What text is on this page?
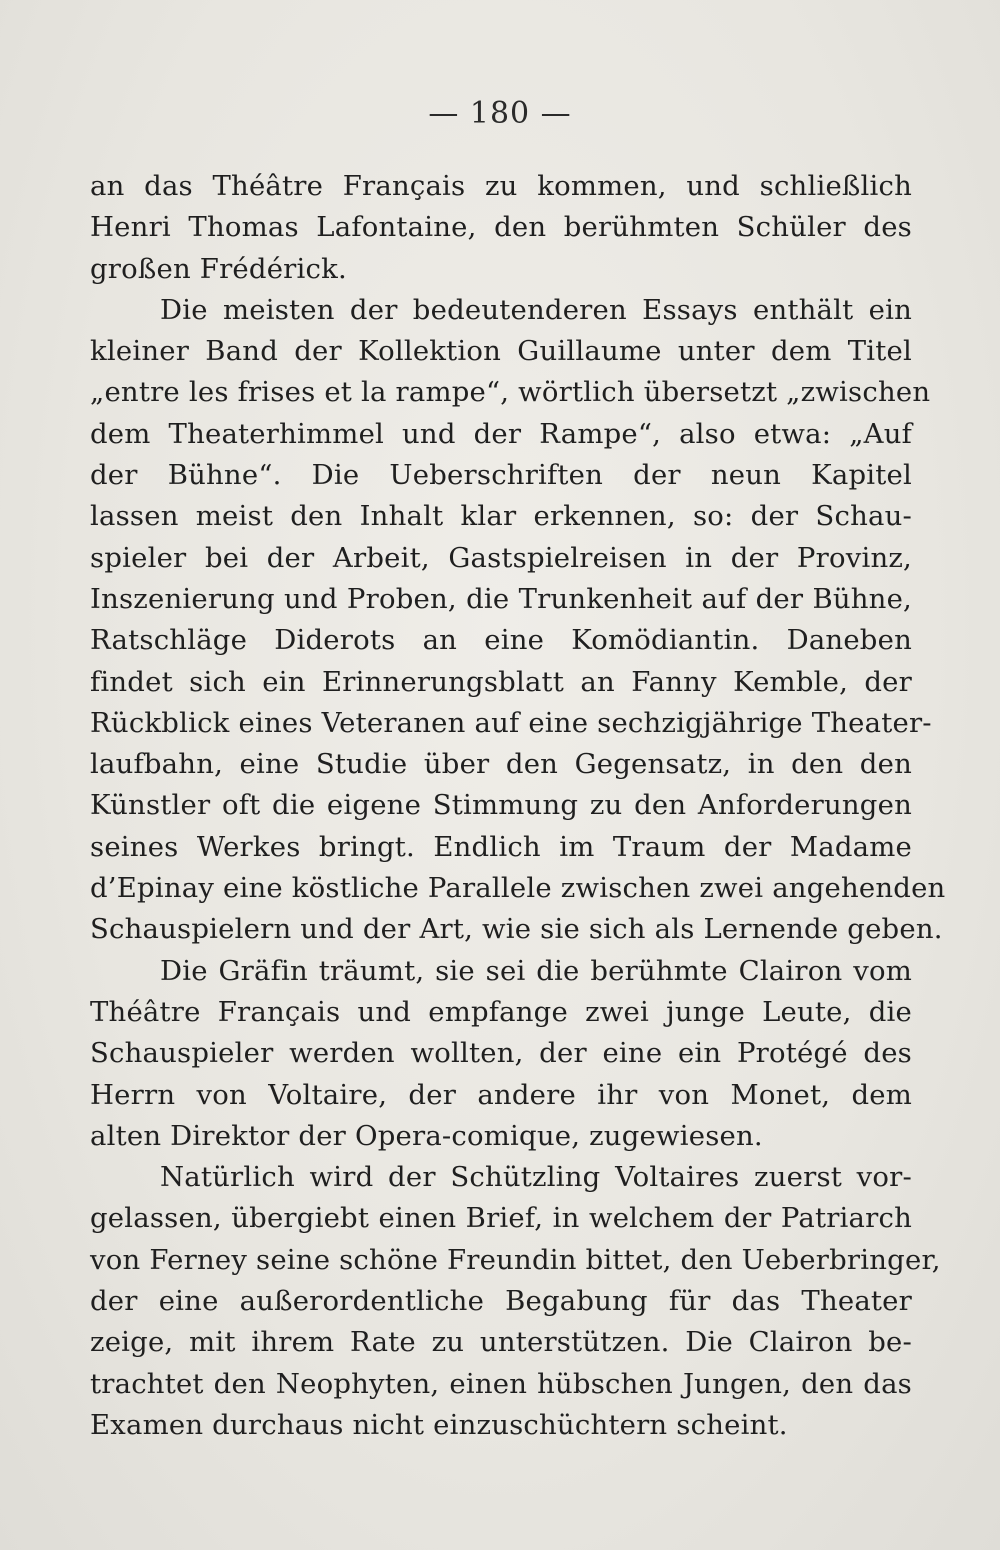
— 180 —
an das Théâtre Français zu kommen, und schließlich
Henri Thomas Lafontaine, den berühmten Schüler des
großen Frédérick.
Die meisten der bedeutenderen Essays enthält ein
kleiner Band der Kollektion Guillaume unter dem Titel
„entre les frises et la rampe“, wörtlich übersetzt „zwischen
dem Theaterhimmel und der Rampe“, also etwa: „Auf
der Bühne“. Die Ueberschriften der neun Kapitel
lassen meist den Inhalt klar erkennen, so: der Schau-
spieler bei der Arbeit, Gastspielreisen in der Provinz,
Inszenierung und Proben, die Trunkenheit auf der Bühne,
Ratschläge Diderots an eine Komödiantin. Daneben
findet sich ein Erinnerungsblatt an Fanny Kemble, der
Rückblick eines Veteranen auf eine sechzigjährige Theater-
laufbahn, eine Studie über den Gegensatz, in den den
Künstler oft die eigene Stimmung zu den Anforderungen
seines Werkes bringt. Endlich im Traum der Madame
d’Epinay eine köstliche Parallele zwischen zwei angehenden
Schauspielern und der Art, wie sie sich als Lernende geben.
Die Gräfin träumt, sie sei die berühmte Clairon vom
Théâtre Français und empfange zwei junge Leute, die
Schauspieler werden wollten, der eine ein Protégé des
Herrn von Voltaire, der andere ihr von Monet, dem
alten Direktor der Opera-comique, zugewiesen.
Natürlich wird der Schützling Voltaires zuerst vor-
gelassen, übergiebt einen Brief, in welchem der Patriarch
von Ferney seine schöne Freundin bittet, den Ueberbringer,
der eine außerordentliche Begabung für das Theater
zeige, mit ihrem Rate zu unterstützen. Die Clairon be-
trachtet den Neophyten, einen hübschen Jungen, den das
Examen durchaus nicht einzuschüchtern scheint.
